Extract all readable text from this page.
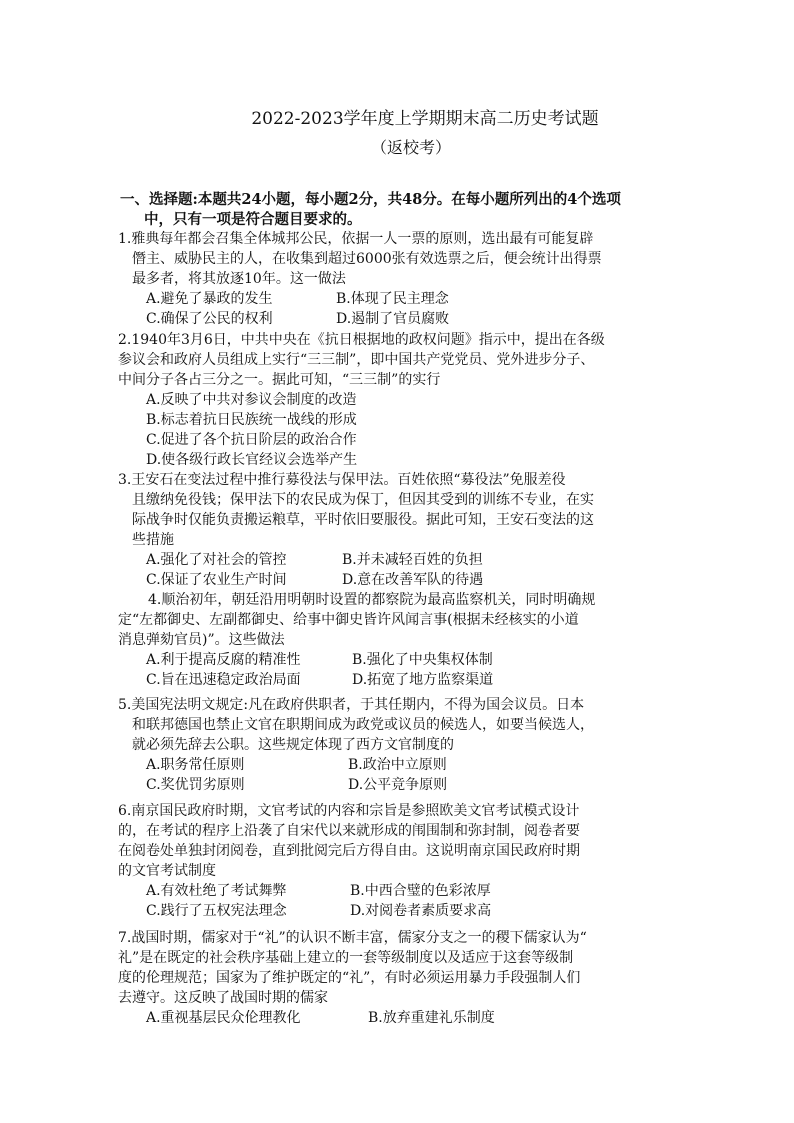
2022-2023学年度上学期期末高二历史考试题
（返校考）
一、选择题:本题共24小题，每小题2分，共48分。在每小题所列出的4个选项
中，只有一项是符合题目要求的。
1.雅典每年都会召集全体城邦公民，依据一人一票的原则，选出最有可能复辟
僭主、威胁民主的人，在收集到超过6000张有效选票之后，便会统计出得票
最多者，将其放逐10年。这一做法
A.避免了暴政的发生	B.体现了民主理念
C.确保了公民的权利	D.遏制了官员腐败
2.1940年3月6日，中共中央在《抗日根据地的政权问题》指示中，提出在各级
参议会和政府人员组成上实行“三三制”，即中国共产党党员、党外进步分子、
中间分子各占三分之一。据此可知，“三三制”的实行
A.反映了中共对参议会制度的改造
B.标志着抗日民族统一战线的形成
C.促进了各个抗日阶层的政治合作
D.使各级行政长官经议会选举产生
3.王安石在变法过程中推行募役法与保甲法。百姓依照“募役法”免服差役
且缴纳免役钱；保甲法下的农民成为保丁，但因其受到的训练不专业，在实
际战争时仅能负责搬运粮草，平时依旧要服役。据此可知，王安石变法的这
些措施
A.强化了对社会的管控	B.并未减轻百姓的负担
C.保证了农业生产时间	D.意在改善军队的待遇
4.顺治初年，朝廷沿用明朝时设置的都察院为最高监察机关，同时明确规
定“左都御史、左副都御史、给事中御史皆许风闻言事(根据未经核实的小道
消息弹劾官员)”。这些做法
A.利于提高反腐的精准性	B.强化了中央集权体制
C.旨在迅速稳定政治局面	D.拓宽了地方监察渠道
5.美国宪法明文规定:凡在政府供职者，于其任期内，不得为国会议员。日本
和联邦德国也禁止文官在职期间成为政党或议员的候选人，如要当候选人，
就必须先辞去公职。这些规定体现了西方文官制度的
A.职务常任原则	B.政治中立原则
C.奖优罚劣原则	D.公平竞争原则
6.南京国民政府时期，文官考试的内容和宗旨是参照欧美文官考试模式设计
的，在考试的程序上沿袭了自宋代以来就形成的闱围制和弥封制，阅卷者要
在阅卷处单独封闭阅卷，直到批阅完后方得自由。这说明南京国民政府时期
的文官考试制度
A.有效杜绝了考试舞弊	B.中西合璧的色彩浓厚
C.践行了五权宪法理念	D.对阅卷者素质要求高
7.战国时期，儒家对于“礼”的认识不断丰富，儒家分支之一的稷下儒家认为“
礼”是在既定的社会秩序基础上建立的一套等级制度以及适应于这套等级制
度的伦理规范；国家为了维护既定的“礼”，有时必须运用暴力手段强制人们
去遵守。这反映了战国时期的儒家
A.重视基层民众伦理教化	B.放弃重建礼乐制度
